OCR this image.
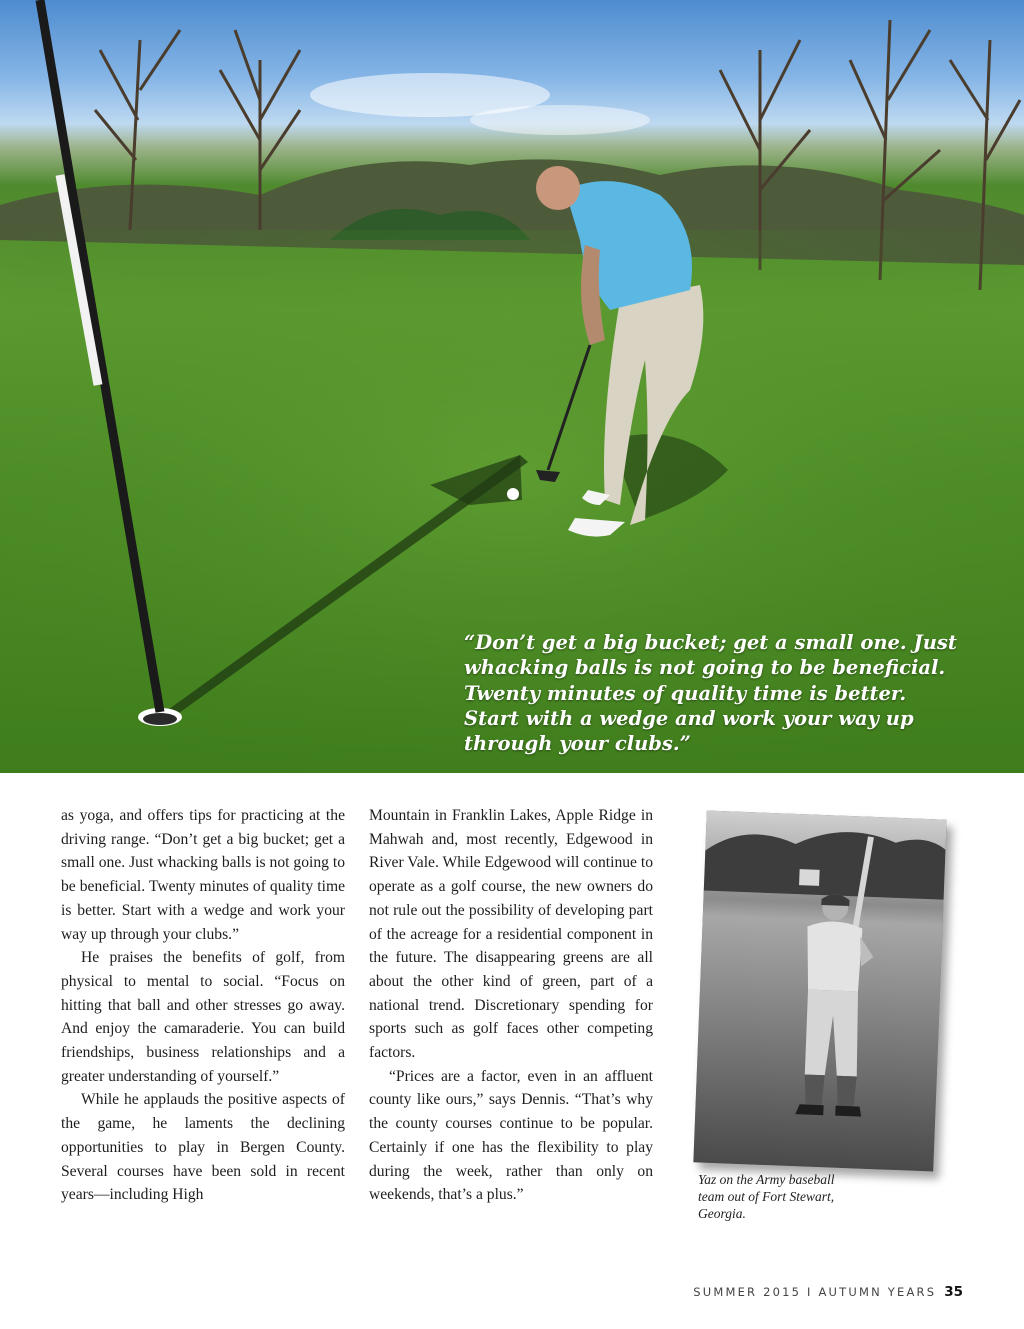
“Don’t get a big bucket; get a small one. Just whacking balls is not going to be beneficial. Twenty minutes of quality time is better. Start with a wedge and work your way up through your clubs.”

as yoga, and offers tips for practicing at the driving range. “Don’t get a big bucket; get a small one. Just whacking balls is not going to be beneficial. Twenty minutes of quality time is better. Start with a wedge and work your way up through your clubs.”

He praises the benefits of golf, from physical to mental to social. “Focus on hitting that ball and other stresses go away. And enjoy the camaraderie. You can build friendships, business relationships and a greater understanding of yourself.”

While he applauds the positive aspects of the game, he laments the declining opportunities to play in Bergen County. Several courses have been sold in recent years—including High

Mountain in Franklin Lakes, Apple Ridge in Mahwah and, most recently, Edgewood in River Vale. While Edgewood will continue to operate as a golf course, the new owners do not rule out the possibility of developing part of the acreage for a residential component in the future. The disappearing greens are all about the other kind of green, part of a national trend. Discretionary spending for sports such as golf faces other competing factors.

“Prices are a factor, even in an affluent county like ours,” says Dennis. “That’s why the county courses continue to be popular. Certainly if one has the flexibility to play during the week, rather than only on weekends, that’s a plus.”

Yaz on the Army baseball team out of Fort Stewart, Georgia.

SUMMER 2015 I AUTUMN YEARS 35
